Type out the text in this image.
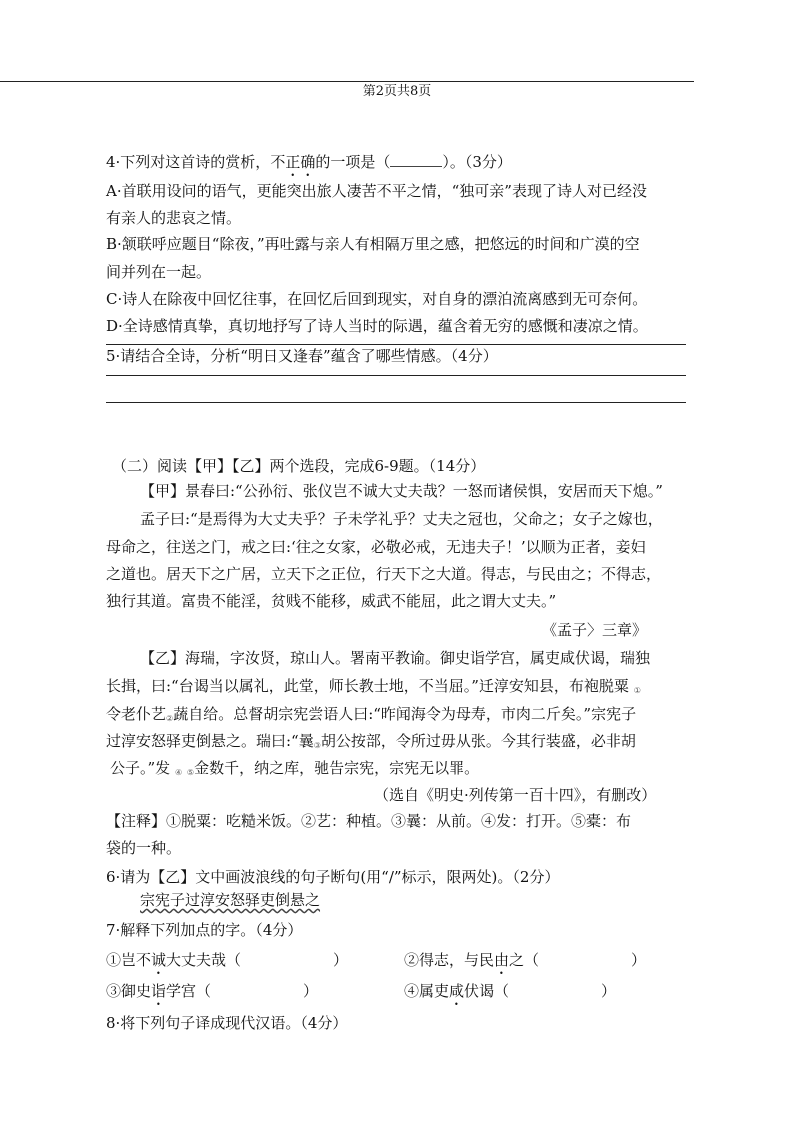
第2页共8页
4·下列对这首诗的赏析，不正确的一项是（	）。（3分）
A·首联用设问的语气，更能突出旅人凄苦不平之情，“独可亲”表现了诗人对已经没
有亲人的悲哀之情。
B·颔联呼应题目“除夜，”再吐露与亲人有相隔万里之感，把悠远的时间和广漠的空
间并列在一起。
C·诗人在除夜中回忆往事，在回忆后回到现实，对自身的漂泊流离感到无可奈何。
D·全诗感情真挚，真切地抒写了诗人当时的际遇，蕴含着无穷的感慨和凄凉之情。
5·请结合全诗，分析“明日又逢春”蕴含了哪些情感。（4分）
（二）阅读【甲】【乙】两个选段，完成6-9题。（14分）
【甲】景春曰:“公孙衍、张仪岂不诚大丈夫哉？一怒而诸侯惧，安居而天下熄。”
孟子曰:“是焉得为大丈夫乎？子未学礼乎？丈夫之冠也，父命之；女子之嫁也，
母命之，往送之门，戒之曰:‘往之女家，必敬必戒，无违夫子！’以顺为正者，妾妇
之道也。居天下之广居，立天下之正位，行天下之大道。得志，与民由之；不得志，
独行其道。富贵不能淫，贫贱不能移，威武不能屈，此之谓大丈夫。”
《孟子〉三章》
【乙】海瑞，字汝贤，琼山人。署南平教谕。御史诣学宫，属吏咸伏谒，瑞独
长揖，曰:“台谒当以属礼，此堂，师长教士地，不当屈。”迁淳安知县，布袍脱粟 $_①$
令老仆艺$_②$蔬自给。总督胡宗宪尝语人曰:“昨闻海令为母寿，市肉二斤矣。”宗宪子
过淳安怒驿吏倒悬之。瑞曰:“曩$_③$胡公按部，令所过毋从张。今其行装盛，必非胡
公子。”发 $_④$ $_⑤$金数千，纳之库，驰告宗宪，宗宪无以罪。
（选自《明史·列传第一百十四》，有删改）
【注释】①脱粟：吃糙米饭。②艺：种植。③曩：从前。④发：打开。⑤橐：布
袋的一种。
6·请为【乙】文中画波浪线的句子断句(用“/”标示，限两处)。（2分）
宗宪子过淳安怒驿吏倒悬之
7·解释下列加点的字。（4分）
①岂不诚大丈夫哉（	）	②得志，与民由之（	）
③御史诣学宫（	）	④属吏咸伏谒（	）
8·将下列句子译成现代汉语。（4分）
